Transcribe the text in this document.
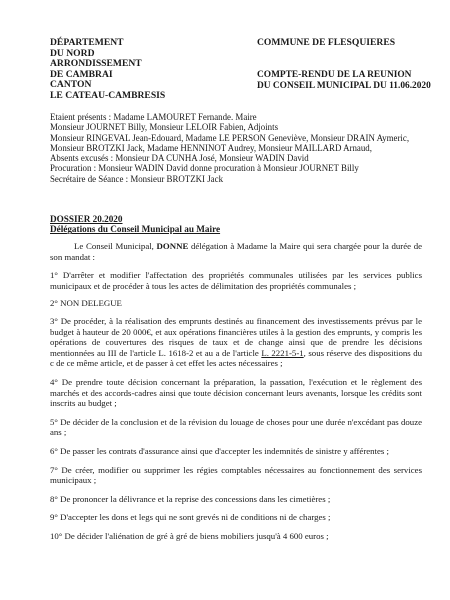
DÉPARTEMENT
DU NORD
ARRONDISSEMENT
DE CAMBRAI
CANTON
LE CATEAU-CAMBRESIS
COMMUNE DE FLESQUIERES
COMPTE-RENDU DE LA REUNION
DU CONSEIL MUNICIPAL DU 11.06.2020

Etaient présents : Madame LAMOURET Fernande. Maire

Monsieur JOURNET Billy, Monsieur LELOIR Fabien, Adjoints

Monsieur RINGEVAL Jean-Edouard, Madame LE PERSON Geneviève, Monsieur DRAIN Aymeric, Monsieur BROTZKI Jack, Madame HENNINOT Audrey, Monsieur MAILLARD Arnaud,

Absents excusés : Monsieur DA CUNHA José, Monsieur WADIN David

Procuration : Monsieur WADIN David donne procuration à Monsieur JOURNET Billy

Secrétaire de Séance : Monsieur BROTZKI Jack

DOSSIER 20.2020
Délégations du Conseil Municipal au Maire

Le Conseil Municipal, DONNE délégation à Madame la Maire qui sera chargée pour la durée de son mandat :

1° D'arrêter et modifier l'affectation des propriétés communales utilisées par les services publics municipaux et de procéder à tous les actes de délimitation des propriétés communales ;

2° NON DELEGUE

3° De procéder, à la réalisation des emprunts destinés au financement des investissements prévus par le budget à hauteur de 20 000€, et aux opérations financières utiles à la gestion des emprunts, y compris les opérations de couvertures des risques de taux et de change ainsi que de prendre les décisions mentionnées au III de l'article L. 1618-2 et au a de l'article L. 2221-5-1, sous réserve des dispositions du c de ce même article, et de passer à cet effet les actes nécessaires ;

4° De prendre toute décision concernant la préparation, la passation, l'exécution et le règlement des marchés et des accords-cadres ainsi que toute décision concernant leurs avenants, lorsque les crédits sont inscrits au budget ;

5° De décider de la conclusion et de la révision du louage de choses pour une durée n'excédant pas douze ans ;

6° De passer les contrats d'assurance ainsi que d'accepter les indemnités de sinistre y afférentes ;

7° De créer, modifier ou supprimer les régies comptables nécessaires au fonctionnement des services municipaux ;

8° De prononcer la délivrance et la reprise des concessions dans les cimetières ;

9° D'accepter les dons et legs qui ne sont grevés ni de conditions ni de charges ;

10° De décider l'aliénation de gré à gré de biens mobiliers jusqu'à 4 600 euros ;
